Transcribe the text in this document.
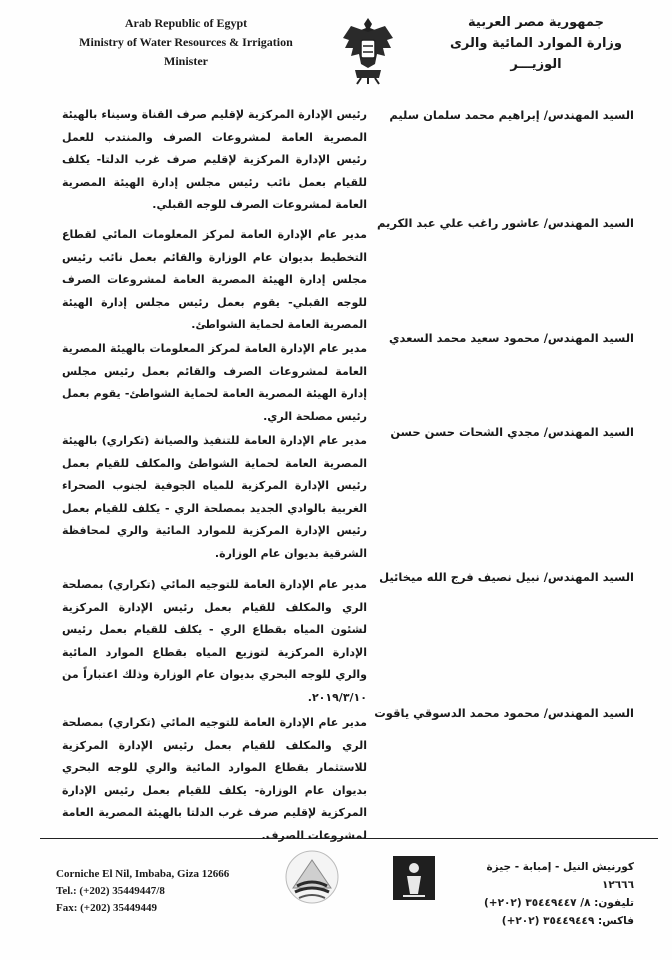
Arab Republic of Egypt
Ministry of Water Resources & Irrigation
Minister
جمهورية مصر العربية
وزارة الموارد المائية والرى
الوزيـــر
السيد المهندس/ إبراهيم محمد سلمان سليم
رئيس الإدارة المركزية لإقليم صرف القناة وسيناء بالهيئة المصرية العامة لمشروعات الصرف والمنتدب للعمل رئيس الإدارة المركزية لإقليم صرف غرب الدلتا- يكلف للقيام بعمل نائب رئيس مجلس إدارة الهيئة المصرية العامة لمشروعات الصرف للوجه القبلي.
السيد المهندس/ عاشور راغب علي عبد الكريم
مدير عام الإدارة العامة لمركز المعلومات المائي لقطاع التخطيط بديوان عام الوزارة والقائم بعمل نائب رئيس مجلس إدارة الهيئة المصرية العامة لمشروعات الصرف للوجه القبلي- يقوم بعمل رئيس مجلس إدارة الهيئة المصرية العامة لحماية الشواطئ.
السيد المهندس/ محمود سعيد محمد السعدي
مدير عام الإدارة العامة لمركز المعلومات بالهيئة المصرية العامة لمشروعات الصرف والقائم بعمل رئيس مجلس إدارة الهيئة المصرية العامة لحماية الشواطئ- يقوم بعمل رئيس مصلحة الري.
السيد المهندس/ مجدي الشحات حسن حسن
مدير عام الإدارة العامة للتنفيذ والصيانة (تكراري) بالهيئة المصرية العامة لحماية الشواطئ والمكلف للقيام بعمل رئيس الإدارة المركزية للمياه الجوفية لجنوب الصحراء الغربية بالوادي الجديد بمصلحة الري - يكلف للقيام بعمل رئيس الإدارة المركزية للموارد المائية والري لمحافظة الشرقية بديوان عام الوزارة.
السيد المهندس/ نبيل نصيف فرج الله ميخائيل
مدير عام الإدارة العامة للتوجيه المائي (تكراري) بمصلحة الري والمكلف للقيام بعمل رئيس الإدارة المركزية لشئون المياه بقطاع الري - يكلف للقيام بعمل رئيس الإدارة المركزية لتوزيع المياه بقطاع الموارد المائية والري للوجه البحري بديوان عام الوزارة وذلك اعتباراً من ٢٠١٩/٣/١٠.
السيد المهندس/ محمود محمد الدسوقي ياقوت
مدير عام الإدارة العامة للتوجيه المائي (تكراري) بمصلحة الري والمكلف للقيام بعمل رئيس الإدارة المركزية للاستثمار بقطاع الموارد المائية والري للوجه البحري بديوان عام الوزارة- يكلف للقيام بعمل رئيس الإدارة المركزية لإقليم صرف غرب الدلتا بالهيئة المصرية العامة لمشروعات الصرف.
Corniche El Nil, Imbaba, Giza 12666
Tel.: (+202) 35449447/8
Fax: (+202) 35449449
كورنيش النيل - إمبابة - جيزة ١٢٦٦٦
تليفون: ٨/ ٣٥٤٤٩٤٤٧ (٢٠٢+)
فاكس: ٣٥٤٤٩٤٤٩ (٢٠٢+)
